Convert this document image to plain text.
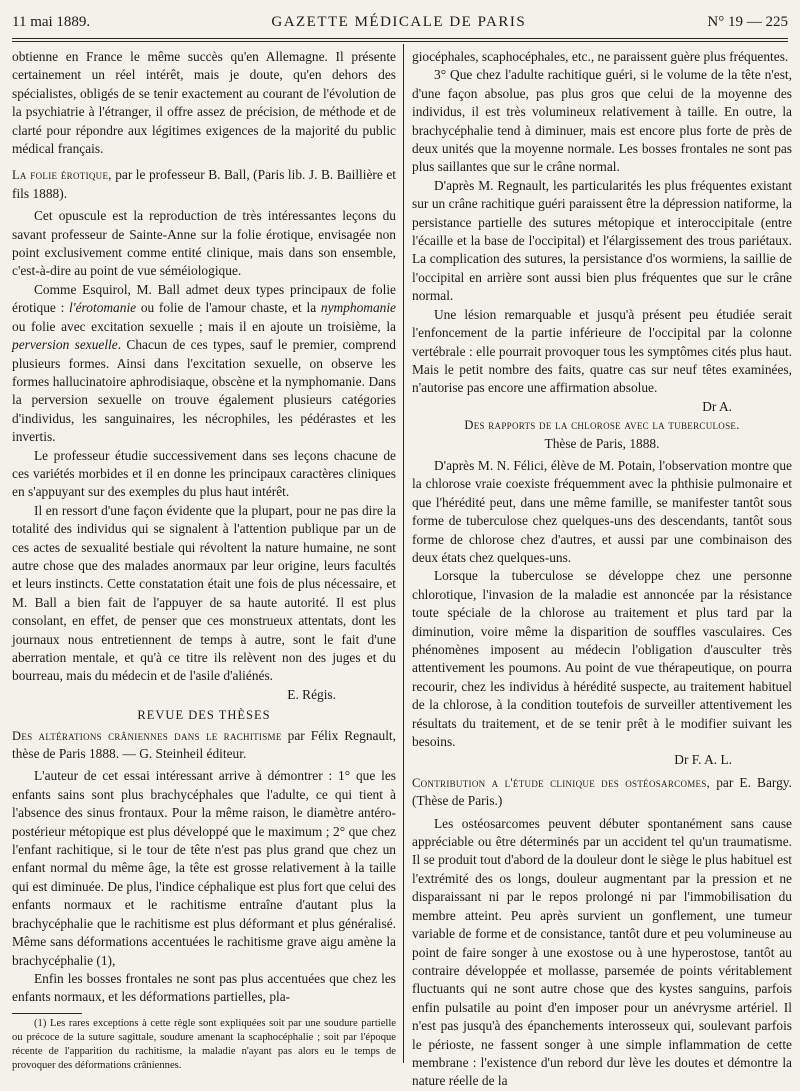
11 mai 1889.	GAZETTE MÉDICALE DE PARIS	N° 19 — 225

obtienne en France le même succès qu'en Allemagne. Il présente certainement un réel intérêt, mais je doute, qu'en dehors des spécialistes, obligés de se tenir exactement au courant de l'évolution de la psychiatrie à l'étranger, il offre assez de précision, de méthode et de clarté pour répondre aux légitimes exigences de la majorité du public médical français.

La folie érotique, par le professeur B. Ball, (Paris lib. J. B. Baillière et fils 1888).

Cet opuscule est la reproduction de très intéressantes leçons du savant professeur de Sainte-Anne sur la folie érotique, envisagée non point exclusivement comme entité clinique, mais dans son ensemble, c'est-à-dire au point de vue séméiologique.

Comme Esquirol, M. Ball admet deux types principaux de folie érotique : l'érotomanie ou folie de l'amour chaste, et la nymphomanie ou folie avec excitation sexuelle ; mais il en ajoute un troisième, la perversion sexuelle. Chacun de ces types, sauf le premier, comprend plusieurs formes. Ainsi dans l'excitation sexuelle, on observe les formes hallucinatoire aphrodisiaque, obscène et la nymphomanie. Dans la perversion sexuelle on trouve également plusieurs catégories d'individus, les sanguinaires, les nécrophiles, les pédérastes et les invertis.

Le professeur étudie successivement dans ses leçons chacune de ces variétés morbides et il en donne les principaux caractères cliniques en s'appuyant sur des exemples du plus haut intérêt.

Il en ressort d'une façon évidente que la plupart, pour ne pas dire la totalité des individus qui se signalent à l'attention publique par un de ces actes de sexualité bestiale qui révoltent la nature humaine, ne sont autre chose que des malades anormaux par leur origine, leurs facultés et leurs instincts. Cette constatation était une fois de plus nécessaire, et M. Ball a bien fait de l'appuyer de sa haute autorité. Il est plus consolant, en effet, de penser que ces monstrueux attentats, dont les journaux nous entretiennent de temps à autre, sont le fait d'une aberration mentale, et qu'à ce titre ils relèvent non des juges et du bourreau, mais du médecin et de l'asile d'aliénés.

E. Régis.

REVUE DES THÈSES

Des altérations crâniennes dans le rachitisme par Félix Regnault, thèse de Paris 1888. — G. Steinheil éditeur.

L'auteur de cet essai intéressant arrive à démontrer : 1° que les enfants sains sont plus brachycéphales que l'adulte, ce qui tient à l'absence des sinus frontaux. Pour la même raison, le diamètre antéro-postérieur métopique est plus développé que le maximum ; 2° que chez l'enfant rachitique, si le tour de tête n'est pas plus grand que chez un enfant normal du même âge, la tête est grosse relativement à la taille qui est diminuée. De plus, l'indice céphalique est plus fort que celui des enfants normaux et le rachitisme entraîne d'autant plus la brachycéphalie que le rachitisme est plus déformant et plus généralisé. Même sans déformations accentuées le rachitisme grave aigu amène la brachycéphalie (1),

Enfin les bosses frontales ne sont pas plus accentuées que chez les enfants normaux, et les déformations partielles, pla-

(1) Les rares exceptions à cette règle sont expliquées soit par une soudure partielle ou précoce de la suture sagittale, soudure amenant la scaphocéphalie ; soit par l'époque récente de l'apparition du rachitisme, la maladie n'ayant pas alors eu le temps de provoquer des déformations crâniennes.

giocéphales, scaphocéphales, etc., ne paraissent guère plus fréquentes.

3° Que chez l'adulte rachitique guéri, si le volume de la tête n'est, d'une façon absolue, pas plus gros que celui de la moyenne des individus, il est très volumineux relativement à taille. En outre, la brachycéphalie tend à diminuer, mais est encore plus forte de près de deux unités que la moyenne normale. Les bosses frontales ne sont pas plus saillantes que sur le crâne normal.

D'après M. Regnault, les particularités les plus fréquentes existant sur un crâne rachitique guéri paraissent être la dépression natiforme, la persistance partielle des sutures métopique et interoccipitale (entre l'écaille et la base de l'occipital) et l'élargissement des trous pariétaux. La complication des sutures, la persistance d'os wormiens, la saillie de l'occipital en arrière sont aussi bien plus fréquentes que sur le crâne normal.

Une lésion remarquable et jusqu'à présent peu étudiée serait l'enfoncement de la partie inférieure de l'occipital par la colonne vertébrale : elle pourrait provoquer tous les symptômes cités plus haut. Mais le petit nombre des faits, quatre cas sur neuf têtes examinées, n'autorise pas encore une affirmation absolue.

Dr A.

Des rapports de la chlorose avec la tuberculose.

Thèse de Paris, 1888.

D'après M. N. Félici, élève de M. Potain, l'observation montre que la chlorose vraie coexiste fréquemment avec la phthisie pulmonaire et que l'hérédité peut, dans une même famille, se manifester tantôt sous forme de tuberculose chez quelques-uns des descendants, tantôt sous forme de chlorose chez d'autres, et aussi par une combinaison des deux états chez quelques-uns.

Lorsque la tuberculose se développe chez une personne chlorotique, l'invasion de la maladie est annoncée par la résistance toute spéciale de la chlorose au traitement et plus tard par la diminution, voire même la disparition de souffles vasculaires. Ces phénomènes imposent au médecin l'obligation d'ausculter très attentivement les poumons. Au point de vue thérapeutique, on pourra recourir, chez les individus à hérédité suspecte, au traitement habituel de la chlorose, à la condition toutefois de surveiller attentivement les résultats du traitement, et de se tenir prêt à le modifier suivant les besoins.

Dr F. A. L.

Contribution a l'étude clinique des ostéosarcomes, par E. Bargy. (Thèse de Paris.)

Les ostéosarcomes peuvent débuter spontanément sans cause appréciable ou être déterminés par un accident tel qu'un traumatisme. Il se produit tout d'abord de la douleur dont le siège le plus habituel est l'extrémité des os longs, douleur augmentant par la pression et ne disparaissant ni par le repos prolongé ni par l'immobilisation du membre atteint. Peu après survient un gonflement, une tumeur variable de forme et de consistance, tantôt dure et peu volumineuse au point de faire songer à une exostose ou à une hyperostose, tantôt au contraire développée et mollasse, parsemée de points véritablement fluctuants qui ne sont autre chose que des kystes sanguins, parfois enfin pulsatile au point d'en imposer pour un anévrysme artériel. Il n'est pas jusqu'à des épanchements interosseux qui, soulevant parfois le périoste, ne fassent songer à une simple inflammation de cette membrane : l'existence d'un rebord dur lève les doutes et démontre la nature réelle de la
